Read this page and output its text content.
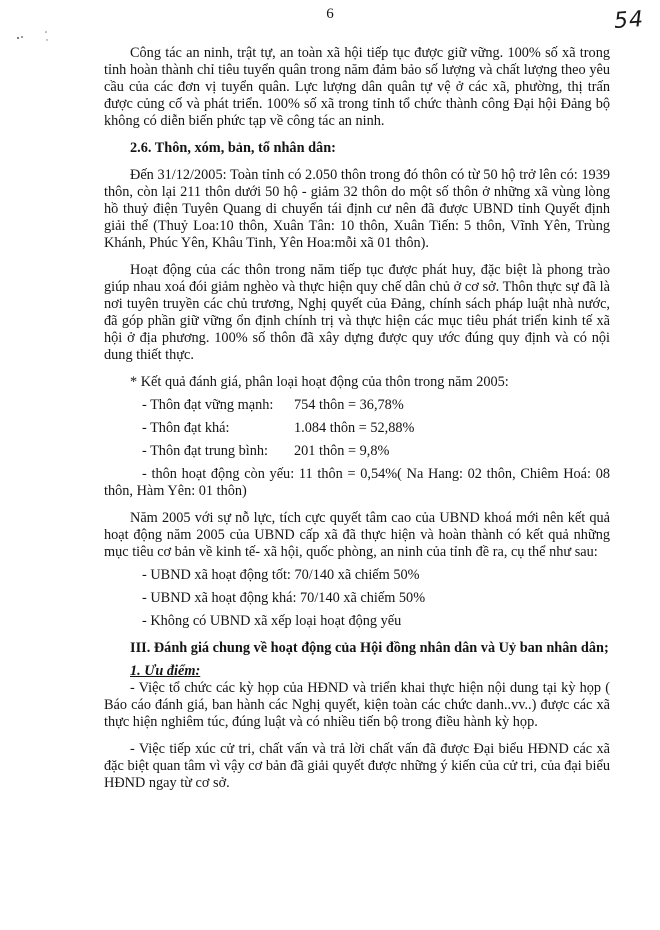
6	54

Công tác an ninh, trật tự, an toàn xã hội tiếp tục được giữ vững. 100% số xã trong tỉnh hoàn thành chỉ tiêu tuyển quân trong năm đảm bảo số lượng và chất lượng theo yêu cầu của các đơn vị tuyển quân. Lực lượng dân quân tự vệ ở các xã, phường, thị trấn được củng cố và phát triển. 100% số xã trong tỉnh tổ chức thành công Đại hội Đảng bộ không có diễn biến phức tạp về công tác an ninh.

2.6. Thôn, xóm, bản, tổ nhân dân:

Đến 31/12/2005: Toàn tỉnh có 2.050 thôn trong đó thôn có từ 50 hộ trở lên có: 1939 thôn, còn lại 211 thôn dưới 50 hộ - giảm 32 thôn do một số thôn ở những xã vùng lòng hồ thuỷ điện Tuyên Quang di chuyển tái định cư nên đã được UBND tỉnh Quyết định giải thể (Thuỷ Loa:10 thôn, Xuân Tân: 10 thôn, Xuân Tiến: 5 thôn, Vĩnh Yên, Trùng Khánh, Phúc Yên, Khâu Tinh, Yên Hoa:mỗi xã 01 thôn).

Hoạt động của các thôn trong năm tiếp tục được phát huy, đặc biệt là phong trào giúp nhau xoá đói giảm nghèo và thực hiện quy chế dân chủ ở cơ sở. Thôn thực sự đã là nơi tuyên truyền các chủ trương, Nghị quyết của Đảng, chính sách pháp luật nhà nước, đã góp phần giữ vững ổn định chính trị và thực hiện các mục tiêu phát triển kinh tế xã hội ở địa phương. 100% số thôn đã xây dựng được quy ước đúng quy định và có nội dung thiết thực.

* Kết quả đánh giá, phân loại hoạt động của thôn trong năm 2005:

- Thôn đạt vững mạnh:	754 thôn = 36,78%
- Thôn đạt khá:	1.084 thôn = 52,88%
- Thôn đạt trung bình:	201 thôn = 9,8%

- thôn hoạt động còn yếu: 11 thôn = 0,54%( Na Hang: 02 thôn, Chiêm Hoá: 08 thôn, Hàm Yên: 01 thôn)

Năm 2005 với sự nỗ lực, tích cực quyết tâm cao của UBND khoá mới nên kết quả hoạt động năm 2005 của UBND cấp xã đã thực hiện và hoàn thành có kết quả những mục tiêu cơ bản về kinh tế- xã hội, quốc phòng, an ninh của tỉnh đề ra, cụ thể như sau:

- UBND xã hoạt động tốt: 70/140 xã chiếm 50%

- UBND xã hoạt động khá: 70/140 xã chiếm 50%

- Không có UBND xã xếp loại hoạt động yếu

III. Đánh giá chung về hoạt động của Hội đồng nhân dân và Uỷ ban nhân dân;

1. Ưu điểm:

- Việc tổ chức các kỳ họp của HĐND và triển khai thực hiện nội dung tại kỳ họp ( Báo cáo đánh giá, ban hành các Nghị quyết, kiện toàn các chức danh..vv..) được các xã thực hiện nghiêm túc, đúng luật và có nhiều tiến bộ trong điều hành kỳ họp.

- Việc tiếp xúc cử tri, chất vấn và trả lời chất vấn đã được Đại biểu HĐND các xã đặc biệt quan tâm vì vậy cơ bản đã giải quyết được những ý kiến của cử tri, của đại biểu HĐND ngay từ cơ sở.
